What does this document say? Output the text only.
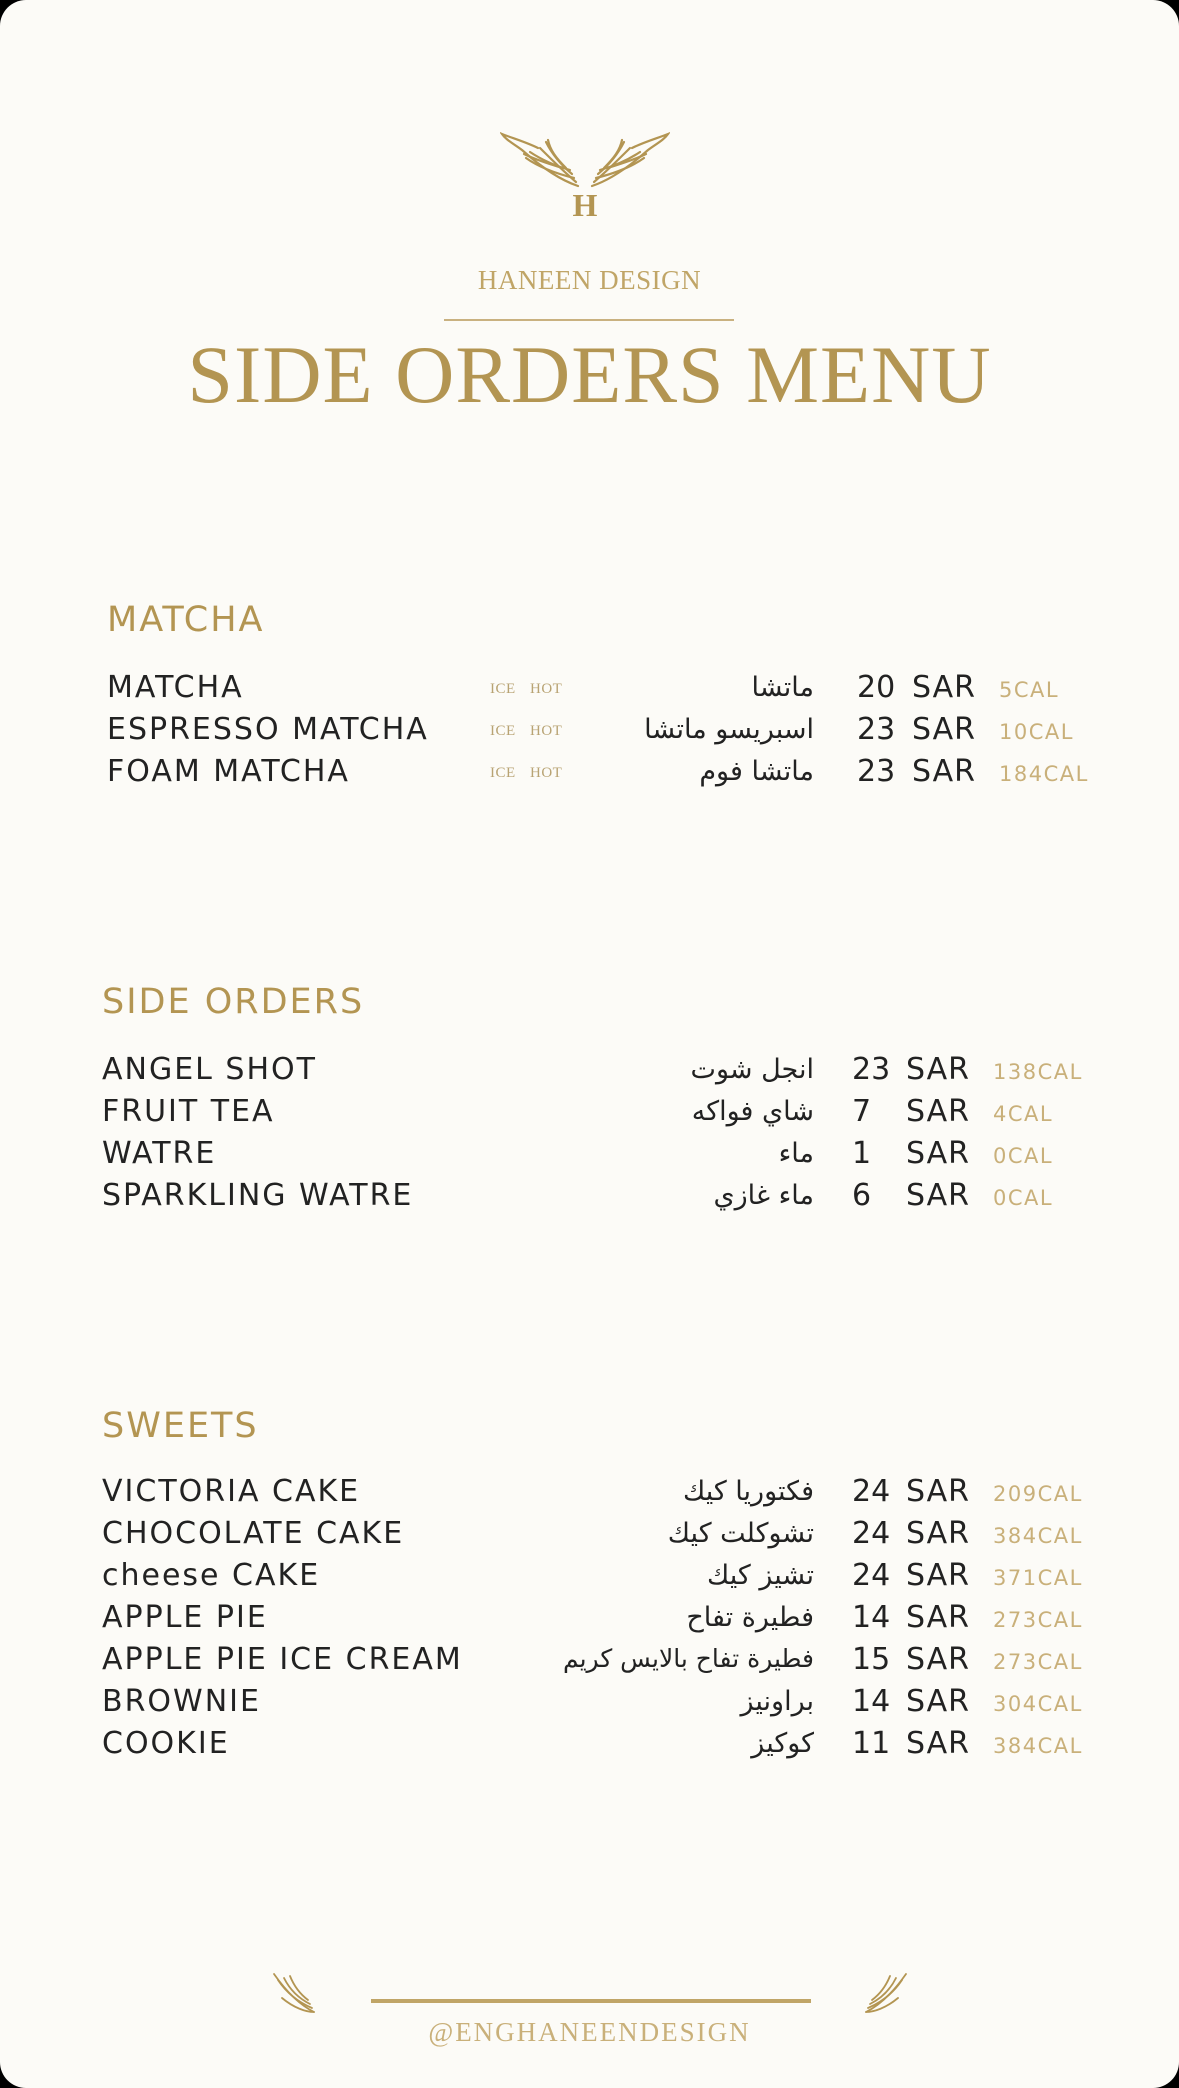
H
HANEEN DESIGN
SIDE ORDERS MENU
MATCHA
MATCHA	ICE HOT	ماتشا 20 SAR 5CAL
ESPRESSO MATCHA	ICE HOT	اسبريسو ماتشا 23 SAR 10CAL
FOAM MATCHA	ICE HOT	ماتشا فوم 23 SAR 184CAL
SIDE ORDERS
ANGEL SHOT	انجل شوت 23 SAR 138CAL
FRUIT TEA	شاي فواكه 7 SAR 4CAL
WATRE	ماء 1 SAR 0CAL
SPARKLING WATRE	ماء غازي 6 SAR 0CAL
SWEETS
VICTORIA CAKE	فكتوريا كيك 24 SAR 209CAL
CHOCOLATE CAKE	تشوكلت كيك 24 SAR 384CAL
cheese CAKE	تشيز كيك 24 SAR 371CAL
APPLE PIE	فطيرة تفاح 14 SAR 273CAL
APPLE PIE ICE CREAM	فطيرة تفاح بالايس كريم 15 SAR 273CAL
BROWNIE	براونيز 14 SAR 304CAL
COOKIE	كوكيز 11 SAR 384CAL
@ENGHANEENDESIGN
